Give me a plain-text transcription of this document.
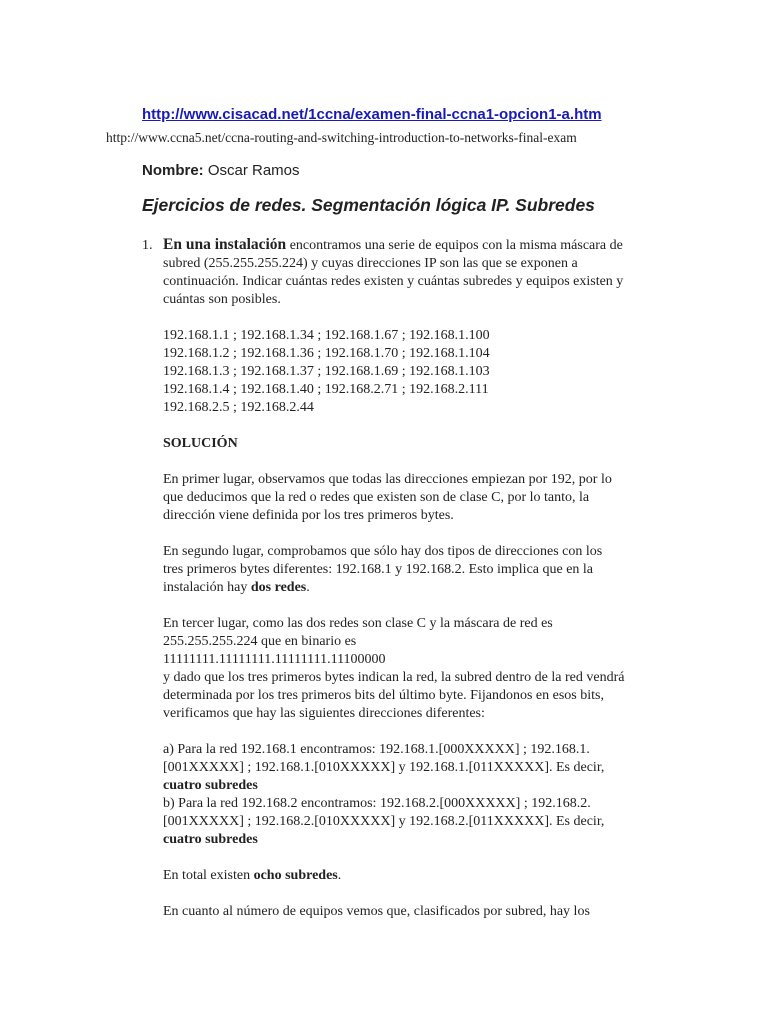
http://www.cisacad.net/1ccna/examen-final-ccna1-opcion1-a.htm
http://www.ccna5.net/ccna-routing-and-switching-introduction-to-networks-final-exam
Nombre: Oscar Ramos
Ejercicios de redes. Segmentación lógica IP. Subredes
1. En una instalación encontramos una serie de equipos con la misma máscara de

subred (255.255.255.224) y cuyas direcciones IP son las que se exponen a

continuación. Indicar cuántas redes existen y cuántas subredes y equipos existen y

cuántas son posibles.

192.168.1.1 ; 192.168.1.34 ; 192.168.1.67 ; 192.168.1.100

192.168.1.2 ; 192.168.1.36 ; 192.168.1.70 ; 192.168.1.104

192.168.1.3 ; 192.168.1.37 ; 192.168.1.69 ; 192.168.1.103

192.168.1.4 ; 192.168.1.40 ; 192.168.2.71 ; 192.168.2.111

192.168.2.5 ; 192.168.2.44

SOLUCIÓN

En primer lugar, observamos que todas las direcciones empiezan por 192, por lo

que deducimos que la red o redes que existen son de clase C, por lo tanto, la

dirección viene definida por los tres primeros bytes.

En segundo lugar, comprobamos que sólo hay dos tipos de direcciones con los

tres primeros bytes diferentes: 192.168.1 y 192.168.2. Esto implica que en la

instalación hay dos redes.

En tercer lugar, como las dos redes son clase C y la máscara de red es

255.255.255.224 que en binario es

11111111.11111111.11111111.11100000

y dado que los tres primeros bytes indican la red, la subred dentro de la red vendrá

determinada por los tres primeros bits del último byte. Fijandonos en esos bits,

verificamos que hay las siguientes direcciones diferentes:

a) Para la red 192.168.1 encontramos: 192.168.1.[000XXXXX] ; 192.168.1.

[001XXXXX] ; 192.168.1.[010XXXXX] y 192.168.1.[011XXXXX]. Es decir,

cuatro subredes

b) Para la red 192.168.2 encontramos: 192.168.2.[000XXXXX] ; 192.168.2.

[001XXXXX] ; 192.168.2.[010XXXXX] y 192.168.2.[011XXXXX]. Es decir,

cuatro subredes

En total existen ocho subredes.

En cuanto al número de equipos vemos que, clasificados por subred, hay los
